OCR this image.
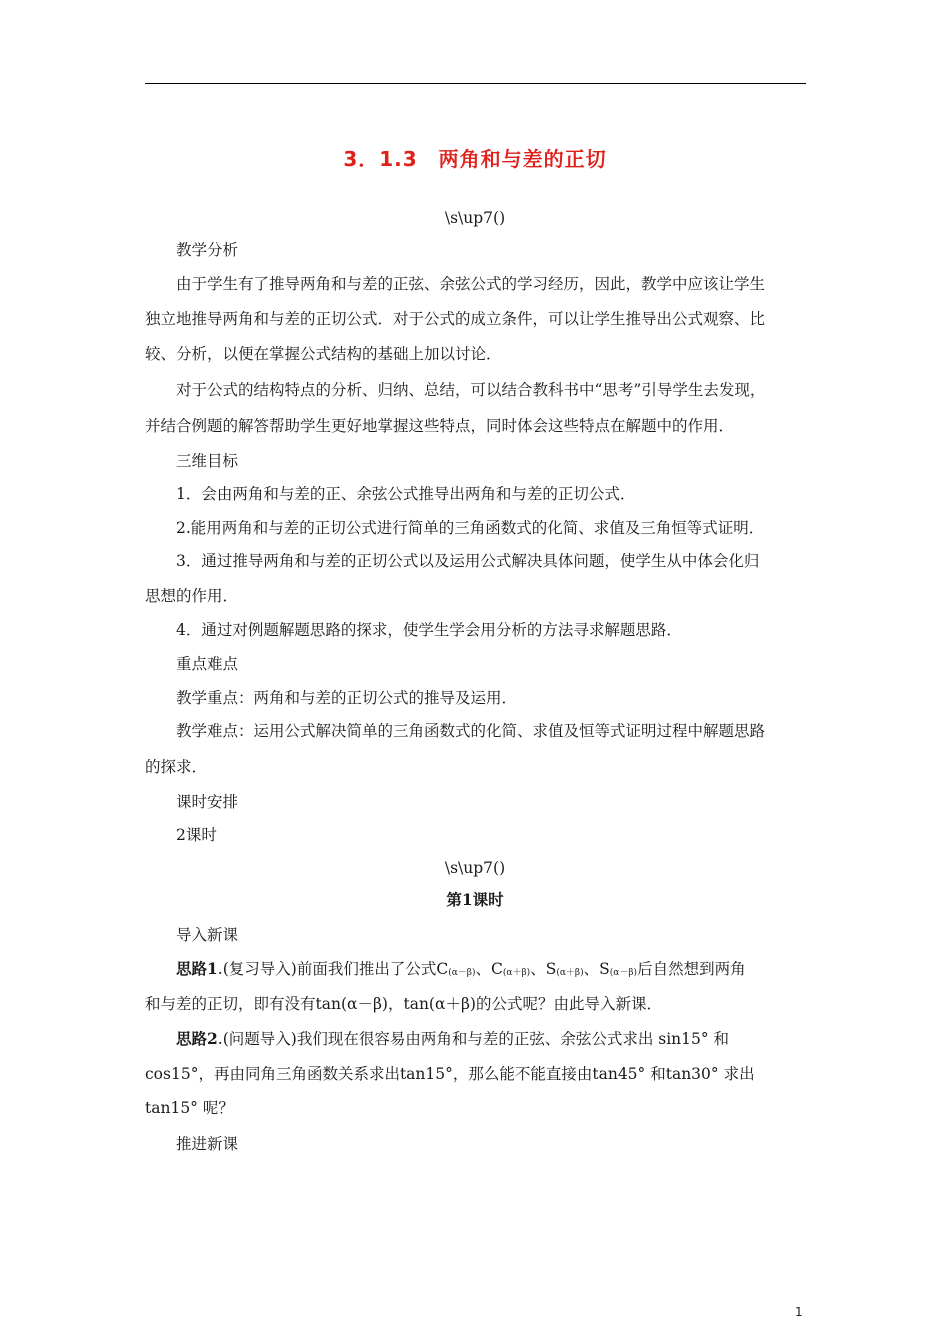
3．1.3　两角和与差的正切
\s\up7()
教学分析
由于学生有了推导两角和与差的正弦、余弦公式的学习经历，因此，教学中应该让学生
独立地推导两角和与差的正切公式．对于公式的成立条件，可以让学生推导出公式观察、比
较、分析，以便在掌握公式结构的基础上加以讨论．
对于公式的结构特点的分析、归纳、总结，可以结合教科书中“思考”引导学生去发现，
并结合例题的解答帮助学生更好地掌握这些特点，同时体会这些特点在解题中的作用．
三维目标
1．会由两角和与差的正、余弦公式推导出两角和与差的正切公式．
2.能用两角和与差的正切公式进行简单的三角函数式的化简、求值及三角恒等式证明．
3．通过推导两角和与差的正切公式以及运用公式解决具体问题，使学生从中体会化归
思想的作用．
4．通过对例题解题思路的探求，使学生学会用分析的方法寻求解题思路．
重点难点
教学重点：两角和与差的正切公式的推导及运用．
教学难点：运用公式解决简单的三角函数式的化简、求值及恒等式证明过程中解题思路
的探求．
课时安排
2课时
\s\up7()
第1课时
导入新课
思路1.(复习导入)前面我们推出了公式$C_{(\alpha-\beta)}$、$C_{(\alpha+\beta)}$、$S_{(\alpha+\beta)}$、$S_{(\alpha-\beta)}$后自然想到两角
和与差的正切，即有没有tan(α－β)，tan(α＋β)的公式呢？由此导入新课．
思路2.(问题导入)我们现在很容易由两角和与差的正弦、余弦公式求出 sin15° 和
cos15°，再由同角三角函数关系求出tan15°，那么能不能直接由tan45° 和tan30° 求出
tan15° 呢？
推进新课
1
